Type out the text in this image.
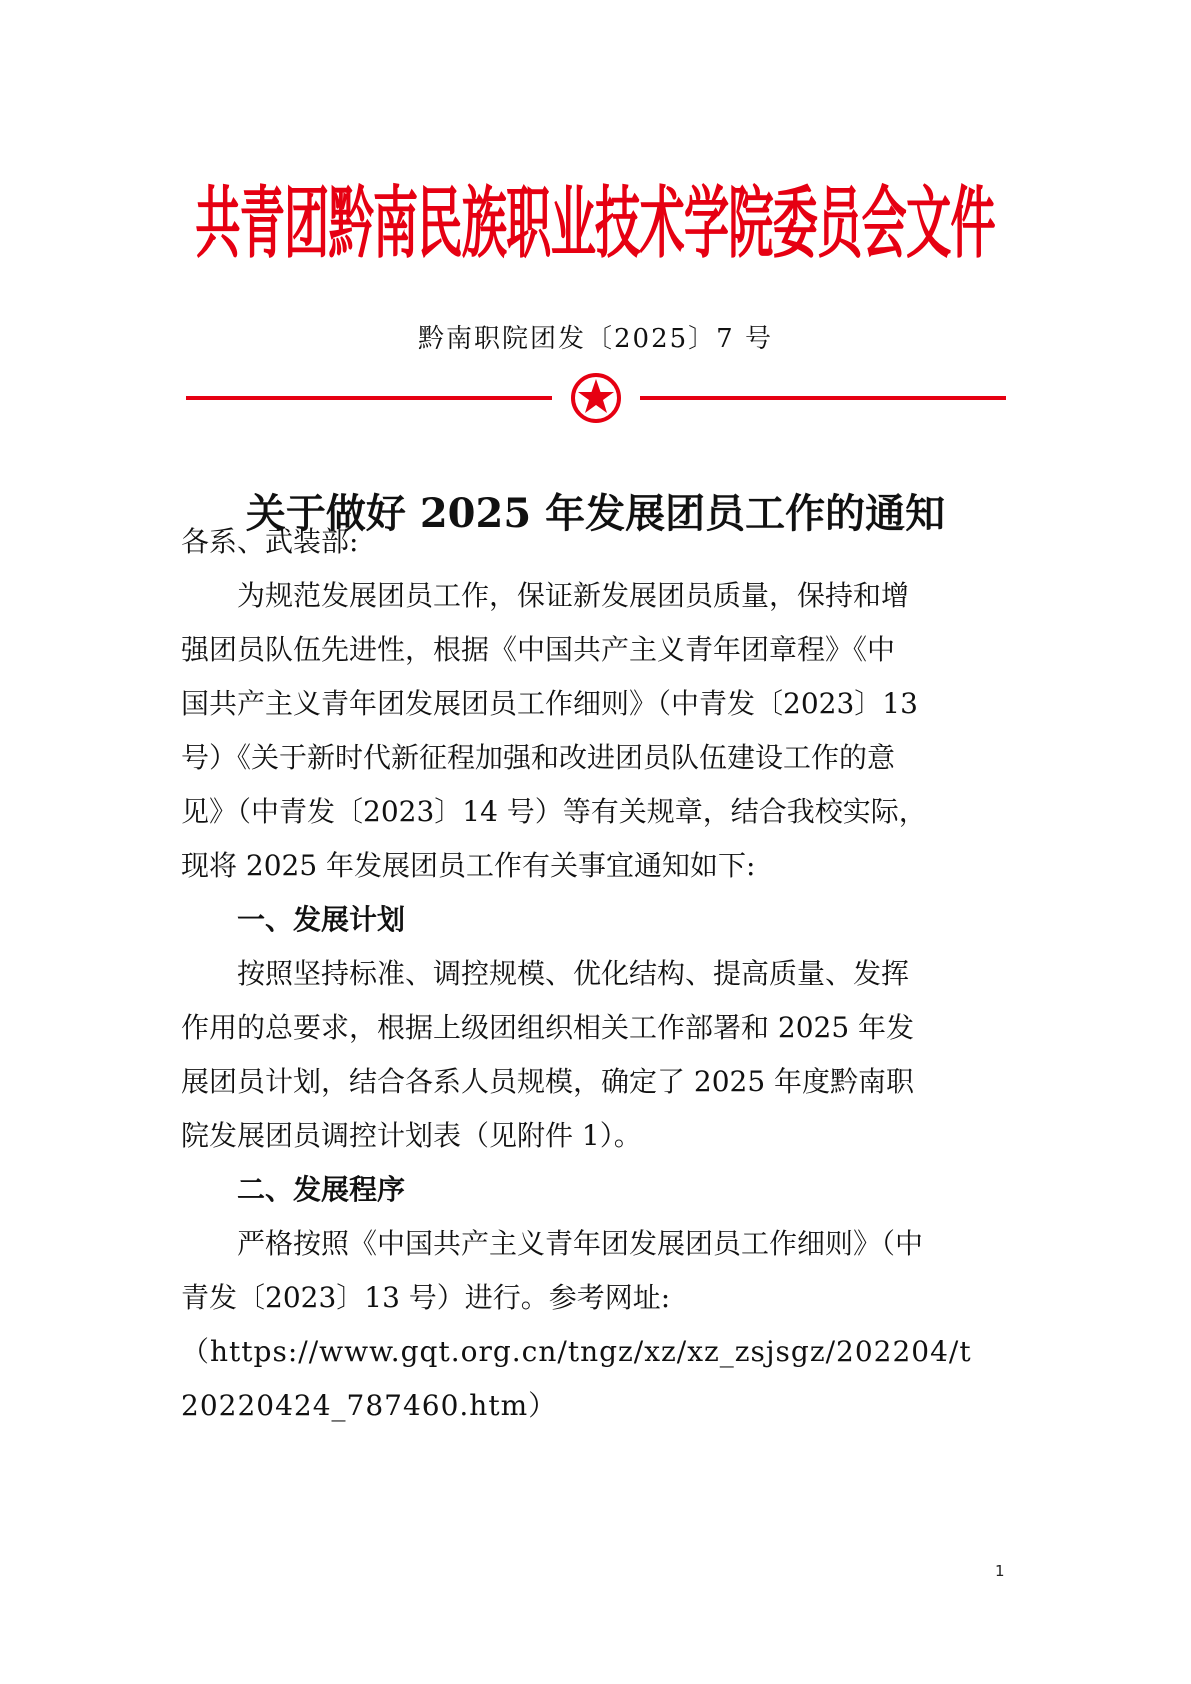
共青团黔南民族职业技术学院委员会文件
黔南职院团发〔2025〕7 号
关于做好 2025 年发展团员工作的通知
各系、武装部:
为规范发展团员工作，保证新发展团员质量，保持和增
强团员队伍先进性，根据《中国共产主义青年团章程》《中
国共产主义青年团发展团员工作细则》（中青发〔2023〕13
号）《关于新时代新征程加强和改进团员队伍建设工作的意
见》（中青发〔2023〕14 号）等有关规章，结合我校实际，
现将 2025 年发展团员工作有关事宜通知如下:
一、发展计划
按照坚持标准、调控规模、优化结构、提高质量、发挥
作用的总要求，根据上级团组织相关工作部署和 2025 年发
展团员计划，结合各系人员规模，确定了 2025 年度黔南职
院发展团员调控计划表（见附件 1）。
二、发展程序
严格按照《中国共产主义青年团发展团员工作细则》（中
青发〔2023〕13 号）进行。参考网址:
（https://www.gqt.org.cn/tngz/xz/xz_zsjsgz/202204/t
20220424_787460.htm）
1
